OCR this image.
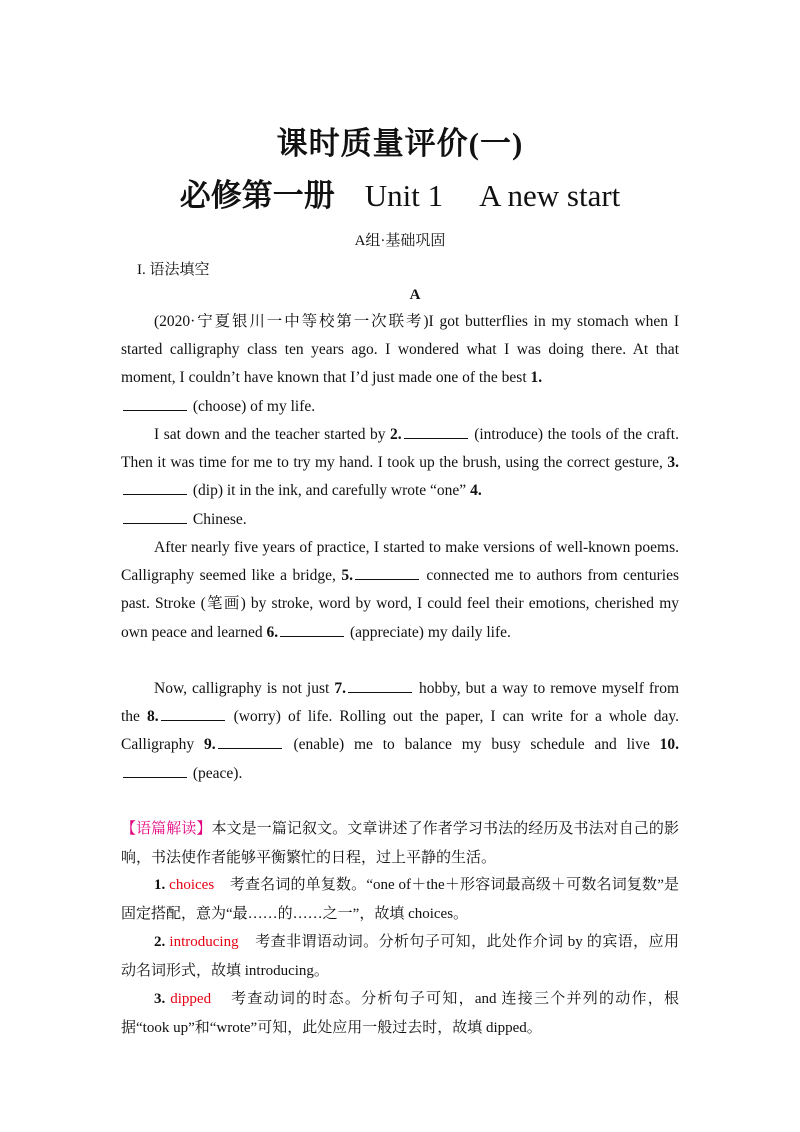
课时质量评价(一)
必修第一册 Unit 1 A new start
A组·基础巩固
I. 语法填空
A
(2020·宁夏银川一中等校第一次联考)I got butterflies in my stomach when I started calligraphy class ten years ago. I wondered what I was doing there. At that moment, I couldn’t have known that I’d just made one of the best 1.
(choose) of my life.
I sat down and the teacher started by 2.	(introduce) the tools of the craft. Then it was time for me to try my hand. I took up the brush, using the correct gesture, 3. (dip) it in the ink, and carefully wrote “one” 4.
Chinese.
After nearly five years of practice, I started to make versions of well-known poems. Calligraphy seemed like a bridge, 5.	connected me to authors from centuries past. Stroke (笔画) by stroke, word by word, I could feel their emotions, cherished my own peace and learned 6.	(appreciate) my daily life.
Now, calligraphy is not just 7.	hobby, but a way to remove myself from the 8.	(worry) of life. Rolling out the paper, I can write for a whole day. Calligraphy 9.	(enable) me to balance my busy schedule and live 10. (peace).
【语篇解读】本文是一篇记叙文。文章讲述了作者学习书法的经历及书法对自己的影响，书法使作者能够平衡繁忙的日程，过上平静的生活。
1. choices 考查名词的单复数。“one of＋the＋形容词最高级＋可数名词复数”是固定搭配，意为“最……的……之一”，故填 choices。
2. introducing 考查非谓语动词。分析句子可知，此处作介词 by 的宾语，应用动名词形式，故填 introducing。
3. dipped 考查动词的时态。分析句子可知，and 连接三个并列的动作，根据“took up”和“wrote”可知，此处应用一般过去时，故填 dipped。
